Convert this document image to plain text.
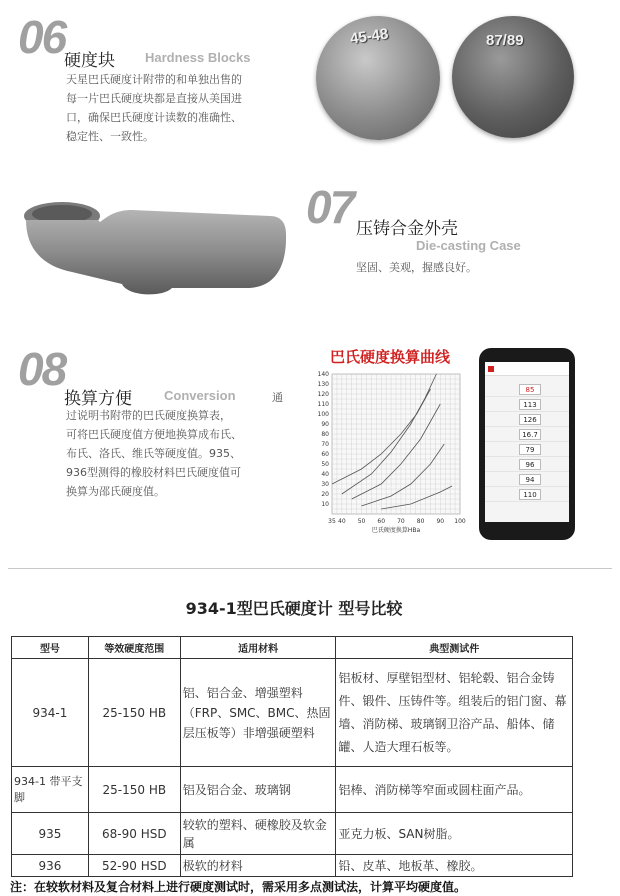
06
硬度块 Hardness Blocks
天星巴氏硬度计附带的和单独出售的
每一片巴氏硬度块都是直接从美国进
口，确保巴氏硬度计读数的准确性、
稳定性、一致性。
45-48	87/89
07 压铸合金外壳
Die-casting Case
坚固、美观，握感良好。
08
换算方便 Conversion	通
过说明书附带的巴氏硬度换算表，
可将巴氏硬度值方便地换算成布氏、
布氏、洛氏、维氏等硬度值。935、
936型测得的橡胶材料巴氏硬度值可
换算为邵氏硬度值。
巴氏硬度换算曲线
35 40 50 60 70 80 90 100
10
20
30
40
50
60
70
80
90
100
110
120
130
140
巴氏硬度换算HBa
85
113
126
16.7
79
96
94
110
934-1型巴氏硬度计 型号比较
型号	等效硬度范围	适用材料	典型测试件
934-1	25-150 HB	铝、铝合金、增强塑料（FRP、SMC、BMC、热固层压板等）非增强硬塑料	铝板材、厚壁铝型材、铝轮毂、铝合金铸件、锻件、压铸件等。组装后的铝门窗、幕墙、消防梯、玻璃钢卫浴产品、船体、储罐、人造大理石板等。
934-1 带平支脚	25-150 HB	铝及铝合金、玻璃钢	铝棒、消防梯等窄面或圆柱面产品。
935	68-90 HSD	较软的塑料、硬橡胶及软金属	亚克力板、SAN树脂。
936	52-90 HSD	极软的材料	铅、皮革、地板革、橡胶。
注：在较软材料及复合材料上进行硬度测试时，需采用多点测试法，计算平均硬度值。
